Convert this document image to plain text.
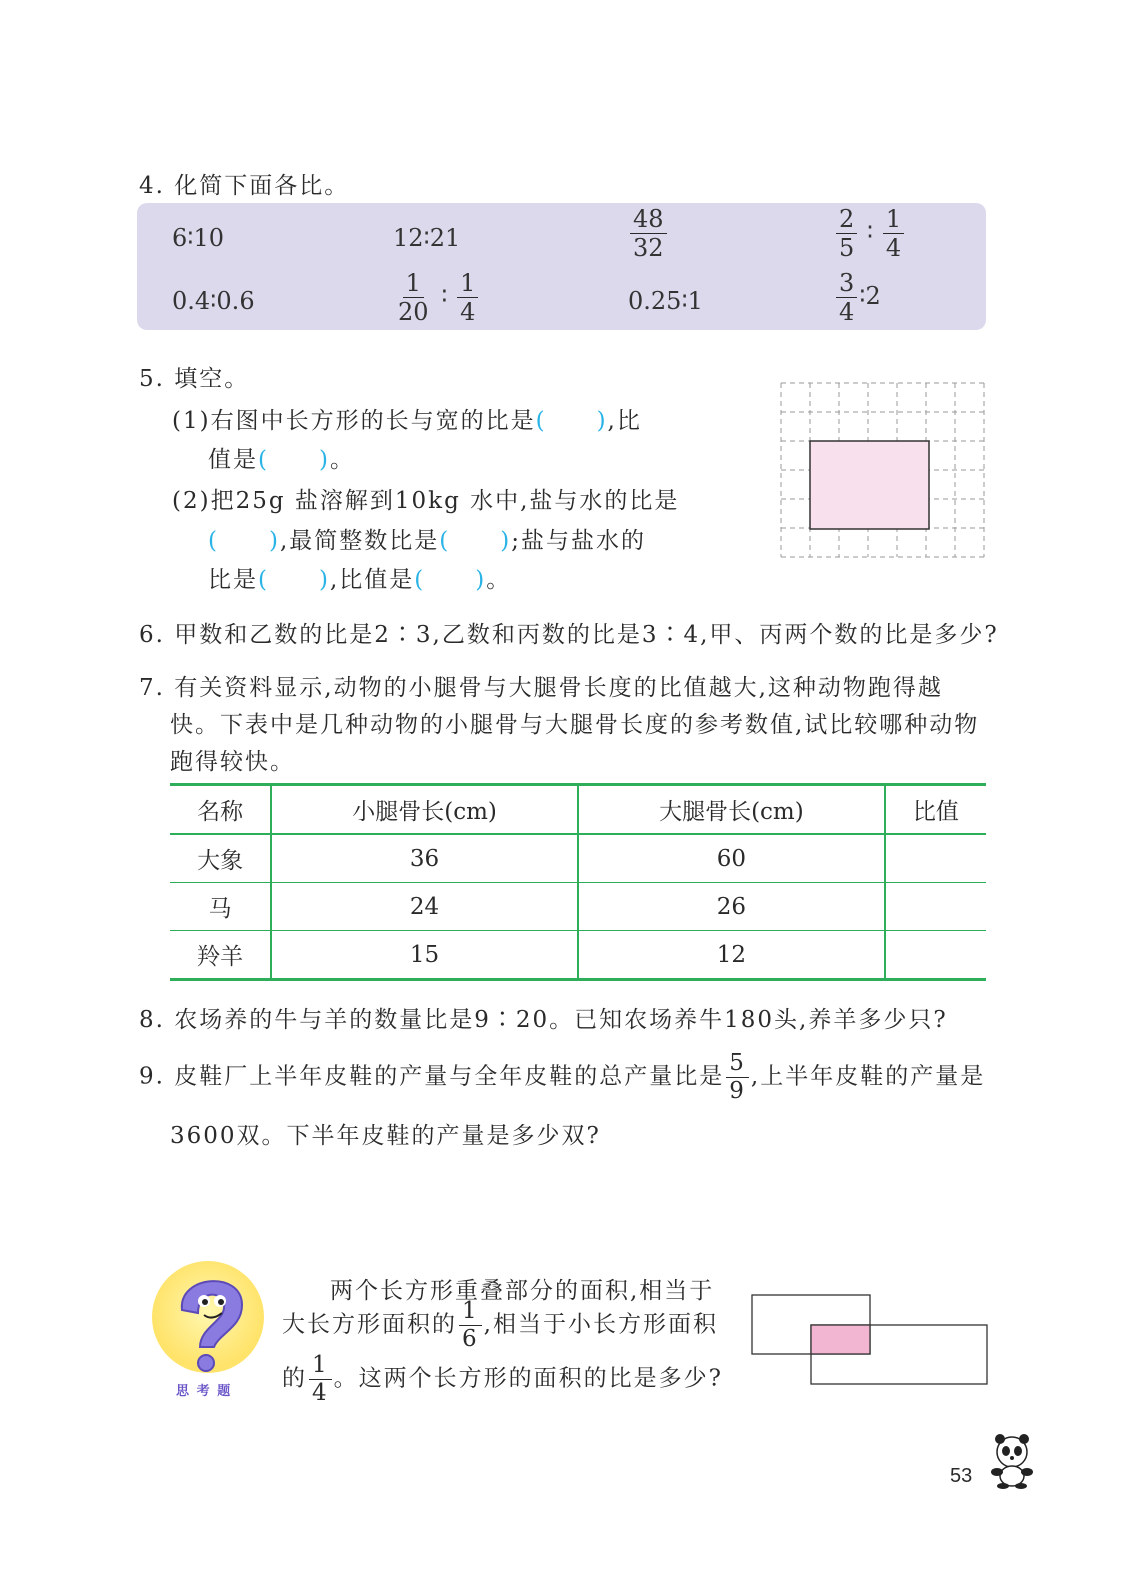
4. 化简下面各比。
6∶10	12∶21	$\frac{48}{32}$	$\frac{2}{5}$ ∶ $\frac{1}{4}$
0.4∶0.6	$\frac{1}{20}$ ∶ $\frac{1}{4}$	0.25∶1	$\frac{3}{4}$ ∶2
5. 填空。
(1)右图中长方形的长与宽的比是(　　),比
值是(　　)。
(2)把25g 盐溶解到10kg 水中,盐与水的比是
(　　),最简整数比是(　　);盐与盐水的
比是(　　),比值是(　　)。
6. 甲数和乙数的比是2∶3,乙数和丙数的比是3∶4,甲、丙两个数的比是多少?
7. 有关资料显示,动物的小腿骨与大腿骨长度的比值越大,这种动物跑得越
快。下表中是几种动物的小腿骨与大腿骨长度的参考数值,试比较哪种动物
跑得较快。
名称	小腿骨长(cm)	大腿骨长(cm)	比值
大象	36	60	
马	24	26	
羚羊	15	12	
8. 农场养的牛与羊的数量比是9∶20。已知农场养牛180头,养羊多少只?
9. 皮鞋厂上半年皮鞋的产量与全年皮鞋的总产量比是 $\frac{5}{9}$ ,上半年皮鞋的产量是
3600双。下半年皮鞋的产量是多少双?
思 考 题
两个长方形重叠部分的面积,相当于
大长方形面积的 $\frac{1}{6}$ ,相当于小长方形面积
的 $\frac{1}{4}$ 。这两个长方形的面积的比是多少?
53
